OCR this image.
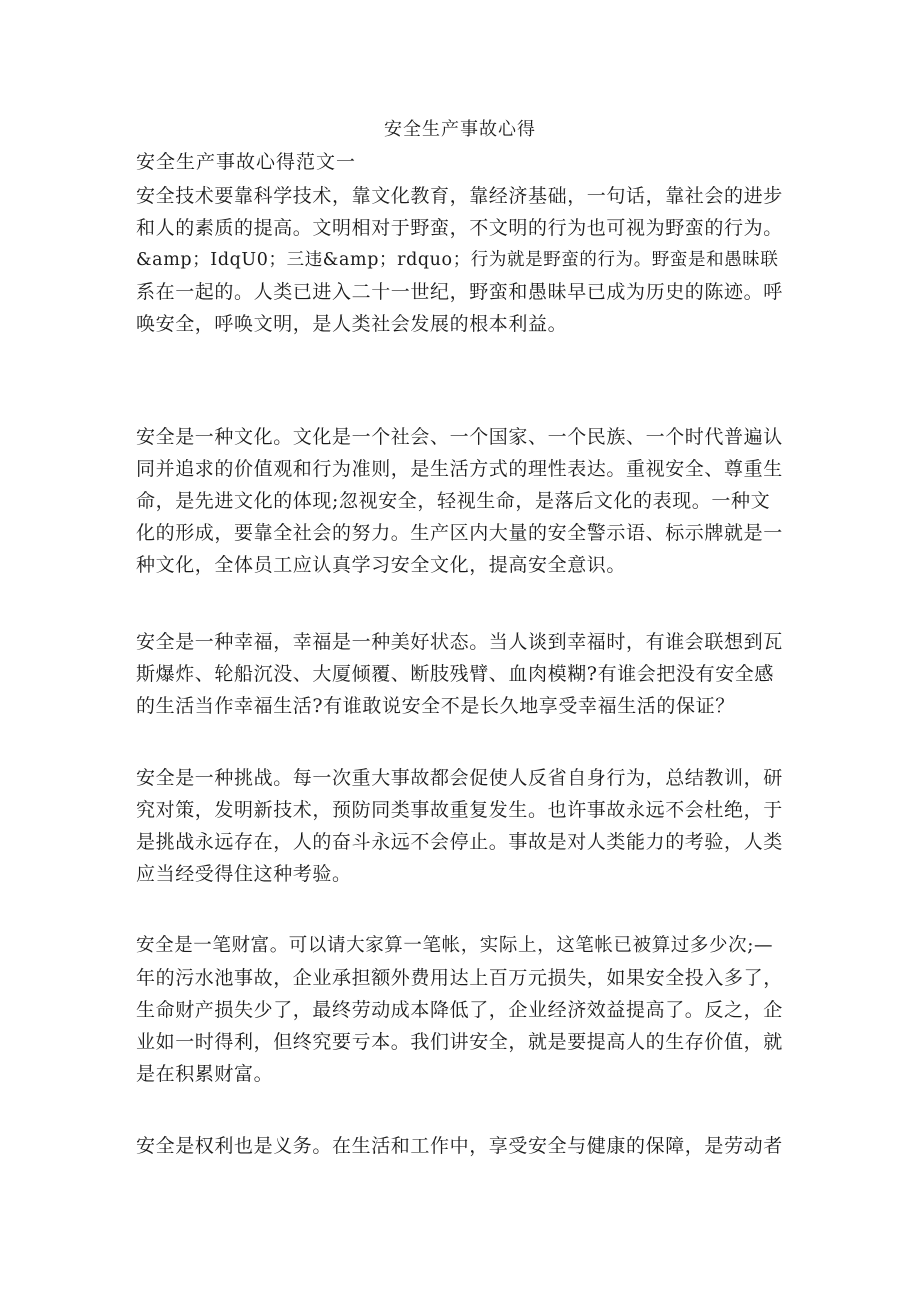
安全生产事故心得
安全生产事故心得范文一
安全技术要靠科学技术，靠文化教育，靠经济基础，一句话，靠社会的进步
和人的素质的提高。文明相对于野蛮，不文明的行为也可视为野蛮的行为。
&amp；IdqU0；三违&amp；rdquo；行为就是野蛮的行为。野蛮是和愚昧联
系在一起的。人类已进入二十一世纪，野蛮和愚昧早已成为历史的陈迹。呼
唤安全，呼唤文明，是人类社会发展的根本利益。
安全是一种文化。文化是一个社会、一个国家、一个民族、一个时代普遍认
同并追求的价值观和行为准则，是生活方式的理性表达。重视安全、尊重生
命，是先进文化的体现;忽视安全，轻视生命，是落后文化的表现。一种文
化的形成，要靠全社会的努力。生产区内大量的安全警示语、标示牌就是一
种文化，全体员工应认真学习安全文化，提高安全意识。
安全是一种幸福，幸福是一种美好状态。当人谈到幸福时，有谁会联想到瓦
斯爆炸、轮船沉没、大厦倾覆、断肢残臂、血肉模糊?有谁会把没有安全感
的生活当作幸福生活?有谁敢说安全不是长久地享受幸福生活的保证？
安全是一种挑战。每一次重大事故都会促使人反省自身行为，总结教训，研
究对策，发明新技术，预防同类事故重复发生。也许事故永远不会杜绝，于
是挑战永远存在，人的奋斗永远不会停止。事故是对人类能力的考验，人类
应当经受得住这种考验。
安全是一笔财富。可以请大家算一笔帐，实际上，这笔帐已被算过多少次;—
年的污水池事故，企业承担额外费用达上百万元损失，如果安全投入多了，
生命财产损失少了，最终劳动成本降低了，企业经济效益提高了。反之，企
业如一时得利，但终究要亏本。我们讲安全，就是要提高人的生存价值，就
是在积累财富。
安全是权利也是义务。在生活和工作中，享受安全与健康的保障，是劳动者
